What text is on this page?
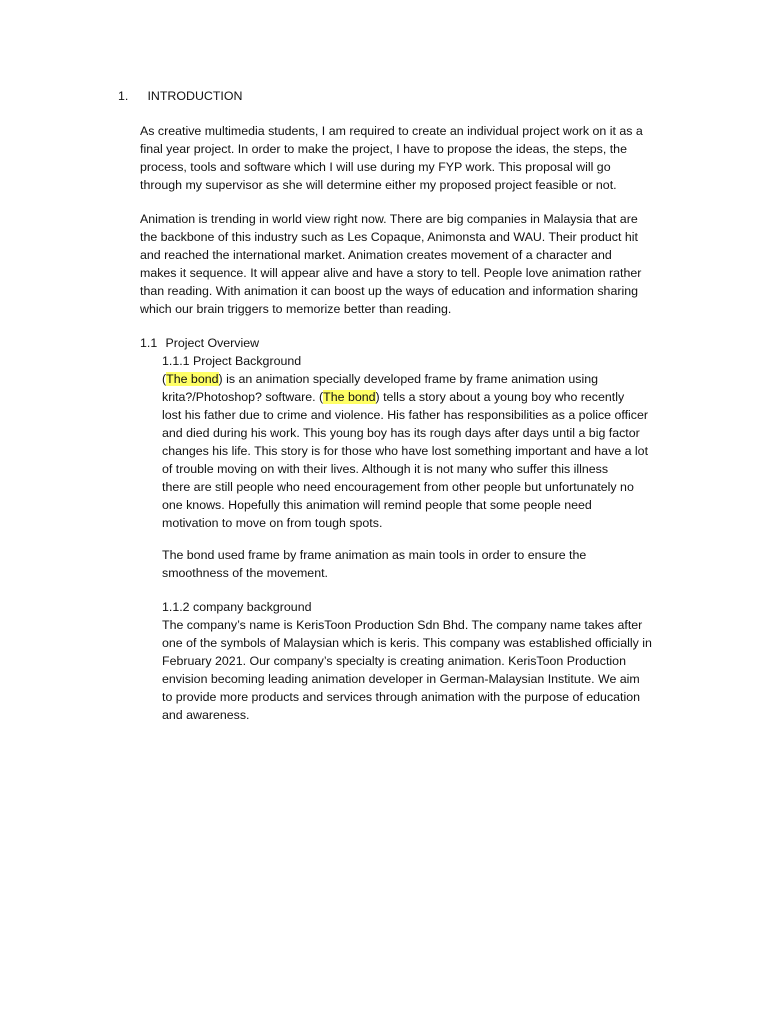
1. INTRODUCTION

As creative multimedia students, I am required to create an individual project work on it as a

final year project. In order to make the project, I have to propose the ideas, the steps, the

process, tools and software which I will use during my FYP work. This proposal will go

through my supervisor as she will determine either my proposed project feasible or not.

Animation is trending in world view right now. There are big companies in Malaysia that are

the backbone of this industry such as Les Copaque, Animonsta and WAU. Their product hit

and reached the international market. Animation creates movement of a character and

makes it sequence. It will appear alive and have a story to tell. People love animation rather

than reading. With animation it can boost up the ways of education and information sharing

which our brain triggers to memorize better than reading.

1.1 Project Overview
1.1.1 Project Background

(The bond) is an animation specially developed frame by frame animation using

krita?/Photoshop? software. (The bond) tells a story about a young boy who recently

lost his father due to crime and violence. His father has responsibilities as a police officer

and died during his work. This young boy has its rough days after days until a big factor

changes his life. This story is for those who have lost something important and have a lot

of trouble moving on with their lives. Although it is not many who suffer this illness

there are still people who need encouragement from other people but unfortunately no

one knows. Hopefully this animation will remind people that some people need

motivation to move on from tough spots.

The bond used frame by frame animation as main tools in order to ensure the

smoothness of the movement.

1.1.2 company background

The company’s name is KerisToon Production Sdn Bhd. The company name takes after

one of the symbols of Malaysian which is keris. This company was established officially in

February 2021. Our company’s specialty is creating animation. KerisToon Production

envision becoming leading animation developer in German-Malaysian Institute. We aim

to provide more products and services through animation with the purpose of education

and awareness.
